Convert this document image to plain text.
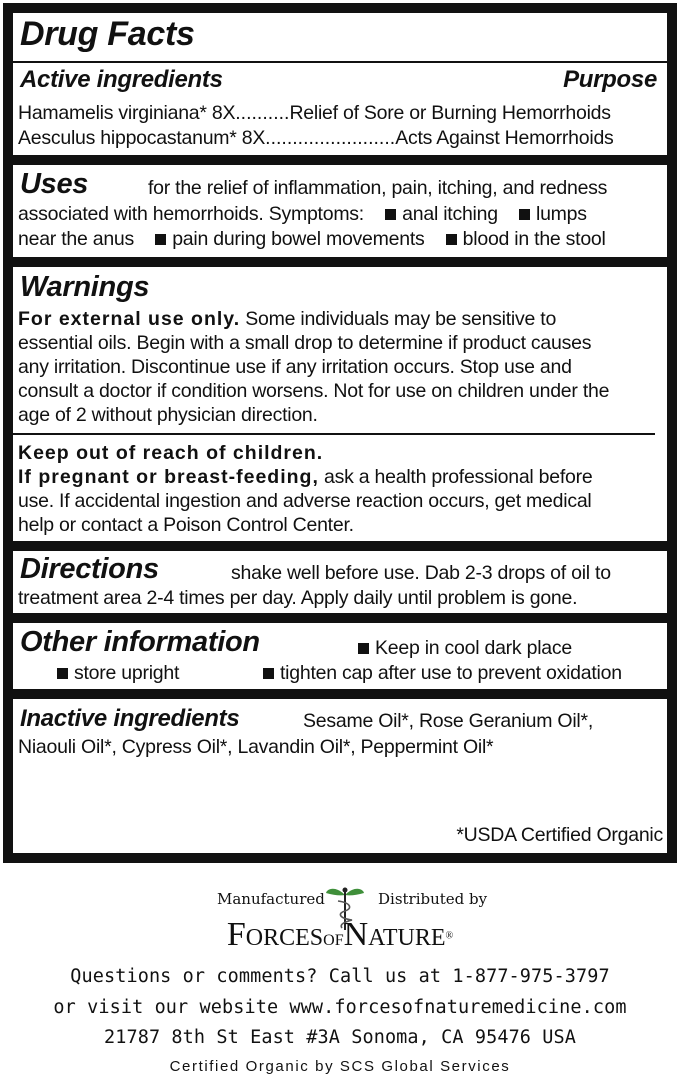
Drug Facts
Active ingredients	Purpose
Hamamelis virginiana* 8X..........Relief of Sore or Burning Hemorrhoids
Aesculus hippocastanum* 8X........................Acts Against Hemorrhoids
Uses	for the relief of inflammation, pain, itching, and redness
associated with hemorrhoids. Symptoms: anal itching lumps
near the anus pain during bowel movements blood in the stool
Warnings
For external use only. Some individuals may be sensitive to
essential oils. Begin with a small drop to determine if product causes
any irritation. Discontinue use if any irritation occurs. Stop use and
consult a doctor if condition worsens. Not for use on children under the
age of 2 without physician direction.
Keep out of reach of children.
If pregnant or breast-feeding, ask a health professional before
use. If accidental ingestion and adverse reaction occurs, get medical
help or contact a Poison Control Center.
Directions	shake well before use. Dab 2-3 drops of oil to
treatment area 2-4 times per day. Apply daily until problem is gone.
Other information	Keep in cool dark place
store upright	tighten cap after use to prevent oxidation
Inactive ingredients	Sesame Oil*, Rose Geranium Oil*,
Niaouli Oil*, Cypress Oil*, Lavandin Oil*, Peppermint Oil*
*USDA Certified Organic
Manufactured	Distributed by
FORCESOFNATURE®
Questions or comments? Call us at 1-877-975-3797
or visit our website www.forcesofnaturemedicine.com
21787 8th St East #3A Sonoma, CA 95476 USA
Certified Organic by SCS Global Services
